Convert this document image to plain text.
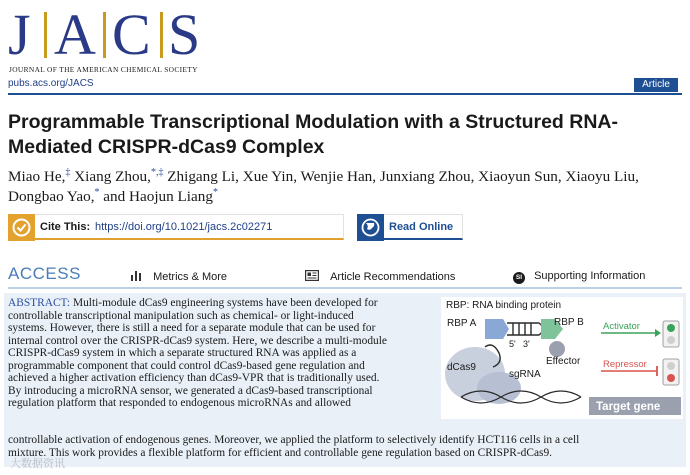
J A C S
JOURNAL OF THE AMERICAN CHEMICAL SOCIETY
pubs.acs.org/JACS	Article
Programmable Transcriptional Modulation with a Structured RNA-
Mediated CRISPR-dCas9 Complex
Miao He,‡ Xiang Zhou,*,‡ Zhigang Li, Xue Yin, Wenjie Han, Junxiang Zhou, Xiaoyun Sun, Xiaoyu Liu,
Dongbao Yao,* and Haojun Liang*
Cite This: https://doi.org/10.1021/jacs.2c02271	Read Online
ACCESS	Metrics & More	Article Recommendations	SI Supporting Information
ABSTRACT: Multi-module dCas9 engineering systems have been developed for
controllable transcriptional manipulation such as chemical- or light-induced
systems. However, there is still a need for a separate module that can be used for
internal control over the CRISPR-dCas9 system. Here, we describe a multi-module
CRISPR-dCas9 system in which a separate structured RNA was applied as a
programmable component that could control dCas9-based gene regulation and
achieved a higher activation efficiency than dCas9-VPR that is traditionally used.
By introducing a microRNA sensor, we generated a dCas9-based transcriptional
regulation platform that responded to endogenous microRNAs and allowed
controllable activation of endogenous genes. Moreover, we applied the platform to selectively identify HCT116 cells in a cell
mixture. This work provides a flexible platform for efficient and controllable gene regulation based on CRISPR-dCas9.
RBP: RNA binding protein
dCas9
RBP A
5' 3'
RBP B
Effector
sgRNA
Activator
Repressor
Target gene
大数据资讯
